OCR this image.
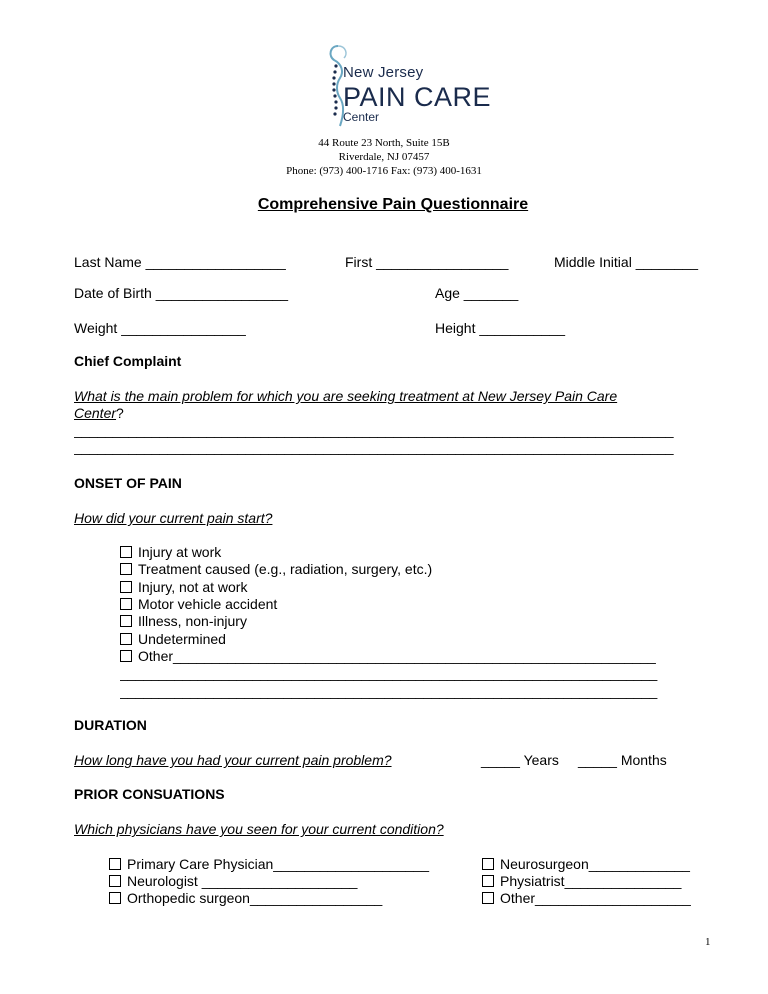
New Jersey
PAIN CARE
Center
44 Route 23 North, Suite 15B
Riverdale, NJ 07457
Phone: (973) 400-1716 Fax: (973) 400-1631
Comprehensive Pain Questionnaire
Last Name __________________	First _________________	Middle Initial ________
Date of Birth _________________	Age _______
Weight ________________	Height ___________
Chief Complaint
What is the main problem for which you are seeking treatment at New Jersey Pain Care
Center?
_____________________________________________________________________________
_____________________________________________________________________________
ONSET OF PAIN
How did your current pain start?
Injury at work
Treatment caused (e.g., radiation, surgery, etc.)
Injury, not at work
Motor vehicle accident
Illness, non-injury
Undetermined
Other______________________________________________________________
_____________________________________________________________________
_____________________________________________________________________
DURATION
How long have you had your current pain problem?	_____ Years _____ Months
PRIOR CONSUATIONS
Which physicians have you seen for your current condition?
Primary Care Physician____________________
Neurologist ____________________
Orthopedic surgeon_________________
Neurosurgeon_____________
Physiatrist_______________
Other____________________
1
